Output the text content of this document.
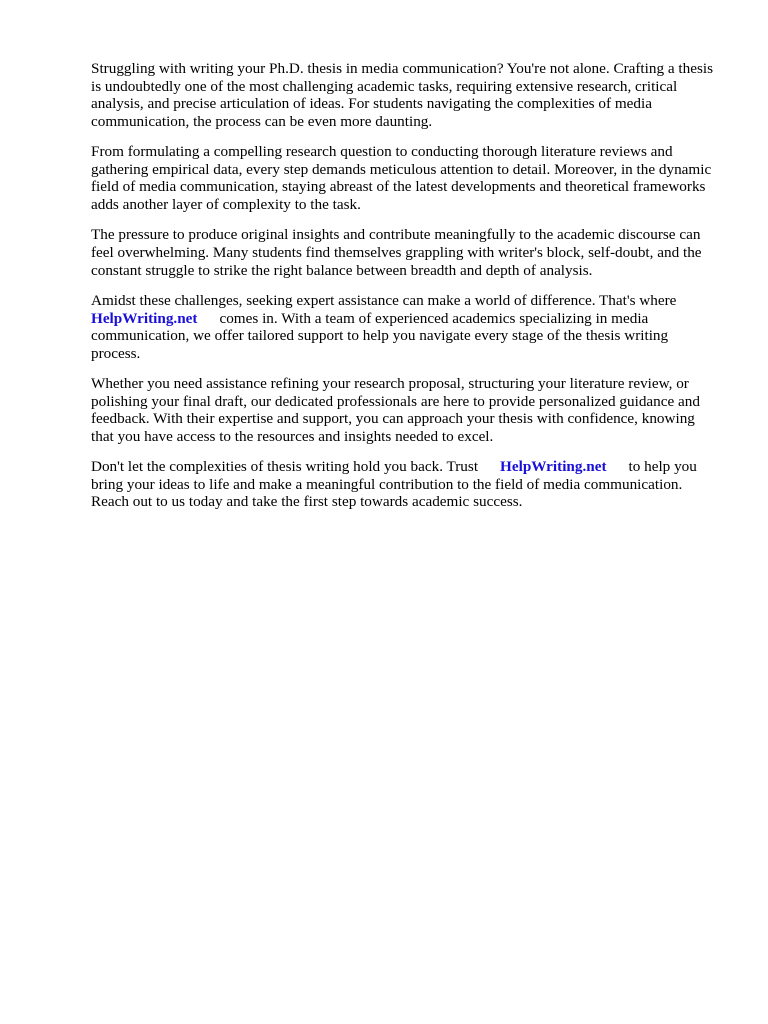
Struggling with writing your Ph.D. thesis in media communication? You're not alone. Crafting a thesis is undoubtedly one of the most challenging academic tasks, requiring extensive research, critical analysis, and precise articulation of ideas. For students navigating the complexities of media communication, the process can be even more daunting.

From formulating a compelling research question to conducting thorough literature reviews and gathering empirical data, every step demands meticulous attention to detail. Moreover, in the dynamic field of media communication, staying abreast of the latest developments and theoretical frameworks adds another layer of complexity to the task.

The pressure to produce original insights and contribute meaningfully to the academic discourse can feel overwhelming. Many students find themselves grappling with writer's block, self-doubt, and the constant struggle to strike the right balance between breadth and depth of analysis.

Amidst these challenges, seeking expert assistance can make a world of difference. That's where
HelpWriting.net comes in. With a team of experienced academics specializing in media communication, we offer tailored support to help you navigate every stage of the thesis writing process.

Whether you need assistance refining your research proposal, structuring your literature review, or polishing your final draft, our dedicated professionals are here to provide personalized guidance and feedback. With their expertise and support, you can approach your thesis with confidence, knowing that you have access to the resources and insights needed to excel.

Don't let the complexities of thesis writing hold you back. Trust HelpWriting.net to help you bring your ideas to life and make a meaningful contribution to the field of media communication. Reach out to us today and take the first step towards academic success.
